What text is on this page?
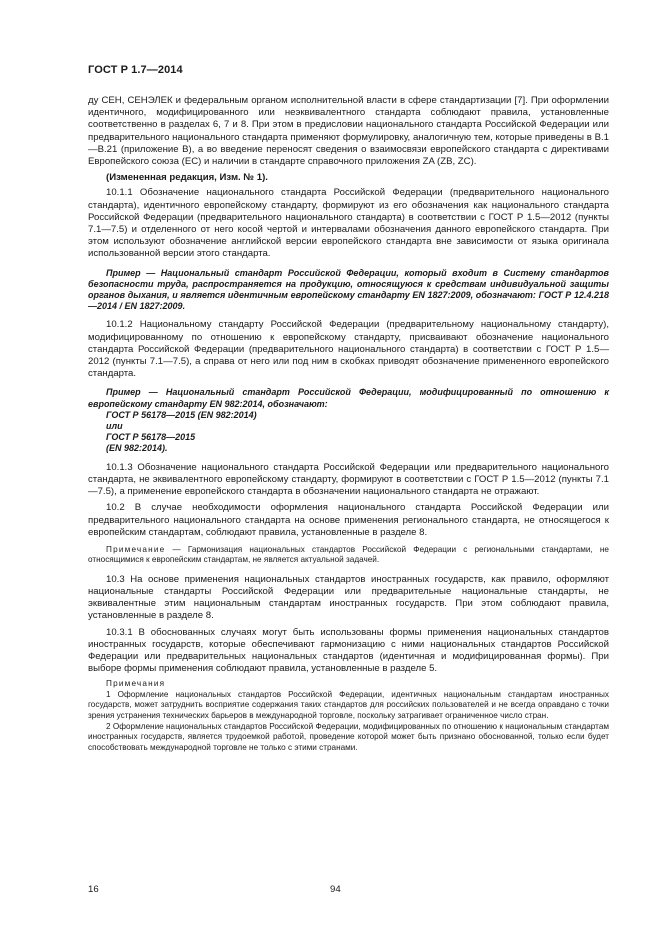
ГОСТ Р 1.7—2014

ду СЕН, СЕНЭЛЕК и федеральным органом исполнительной власти в сфере стандартизации [7]. При оформлении идентичного, модифицированного или неэквивалентного стандарта соблюдают правила, установленные соответственно в разделах 6, 7 и 8. При этом в предисловии национального стандарта Российской Федерации или предварительного национального стандарта применяют формулировку, аналогичную тем, которые приведены в В.1—В.21 (приложение В), а во введение переносят сведения о взаимосвязи европейского стандарта с директивами Европейского союза (ЕС) и наличии в стандарте справочного приложения ZA (ZB, ZC).

(Измененная редакция, Изм. № 1).

10.1.1 Обозначение национального стандарта Российской Федерации (предварительного национального стандарта), идентичного европейскому стандарту, формируют из его обозначения как национального стандарта Российской Федерации (предварительного национального стандарта) в соответствии с ГОСТ Р 1.5—2012 (пункты 7.1—7.5) и отделенного от него косой чертой и интервалами обозначения данного европейского стандарта. При этом используют обозначение английской версии европейского стандарта вне зависимости от языка оригинала использованной версии этого стандарта.

Пример — Национальный стандарт Российской Федерации, который входит в Систему стандартов безопасности труда, распространяется на продукцию, относящуюся к средствам индивидуальной защиты органов дыхания, и является идентичным европейскому стандарту EN 1827:2009, обозначают: ГОСТ Р 12.4.218—2014 / EN 1827:2009.

10.1.2 Национальному стандарту Российской Федерации (предварительному национальному стандарту), модифицированному по отношению к европейскому стандарту, присваивают обозначение национального стандарта Российской Федерации (предварительного национального стандарта) в соответствии с ГОСТ Р 1.5—2012 (пункты 7.1—7.5), а справа от него или под ним в скобках приводят обозначение примененного европейского стандарта.

Пример — Национальный стандарт Российской Федерации, модифицированный по отношению к европейскому стандарту EN 982:2014, обозначают:

ГОСТ Р 56178—2015 (EN 982:2014)
или
ГОСТ Р 56178—2015
(EN 982:2014).

10.1.3 Обозначение национального стандарта Российской Федерации или предварительного национального стандарта, не эквивалентного европейскому стандарту, формируют в соответствии с ГОСТ Р 1.5—2012 (пункты 7.1—7.5), а применение европейского стандарта в обозначении национального стандарта не отражают.

10.2 В случае необходимости оформления национального стандарта Российской Федерации или предварительного национального стандарта на основе применения регионального стандарта, не относящегося к европейским стандартам, соблюдают правила, установленные в разделе 8.

Примечание — Гармонизация национальных стандартов Российской Федерации с региональными стандартами, не относящимися к европейским стандартам, не является актуальной задачей.

10.3 На основе применения национальных стандартов иностранных государств, как правило, оформляют национальные стандарты Российской Федерации или предварительные национальные стандарты, не эквивалентные этим национальным стандартам иностранных государств. При этом соблюдают правила, установленные в разделе 8.

10.3.1 В обоснованных случаях могут быть использованы формы применения национальных стандартов иностранных государств, которые обеспечивают гармонизацию с ними национальных стандартов Российской Федерации или предварительных национальных стандартов (идентичная и модифицированная формы). При выборе формы применения соблюдают правила, установленные в разделе 5.

Примечания

1 Оформление национальных стандартов Российской Федерации, идентичных национальным стандартам иностранных государств, может затруднить восприятие содержания таких стандартов для российских пользователей и не всегда оправдано с точки зрения устранения технических барьеров в международной торговле, поскольку затрагивает ограниченное число стран.

2 Оформление национальных стандартов Российской Федерации, модифицированных по отношению к национальным стандартам иностранных государств, является трудоемкой работой, проведение которой может быть признано обоснованной, только если будет способствовать международной торговле не только с этими странами.

16	94
